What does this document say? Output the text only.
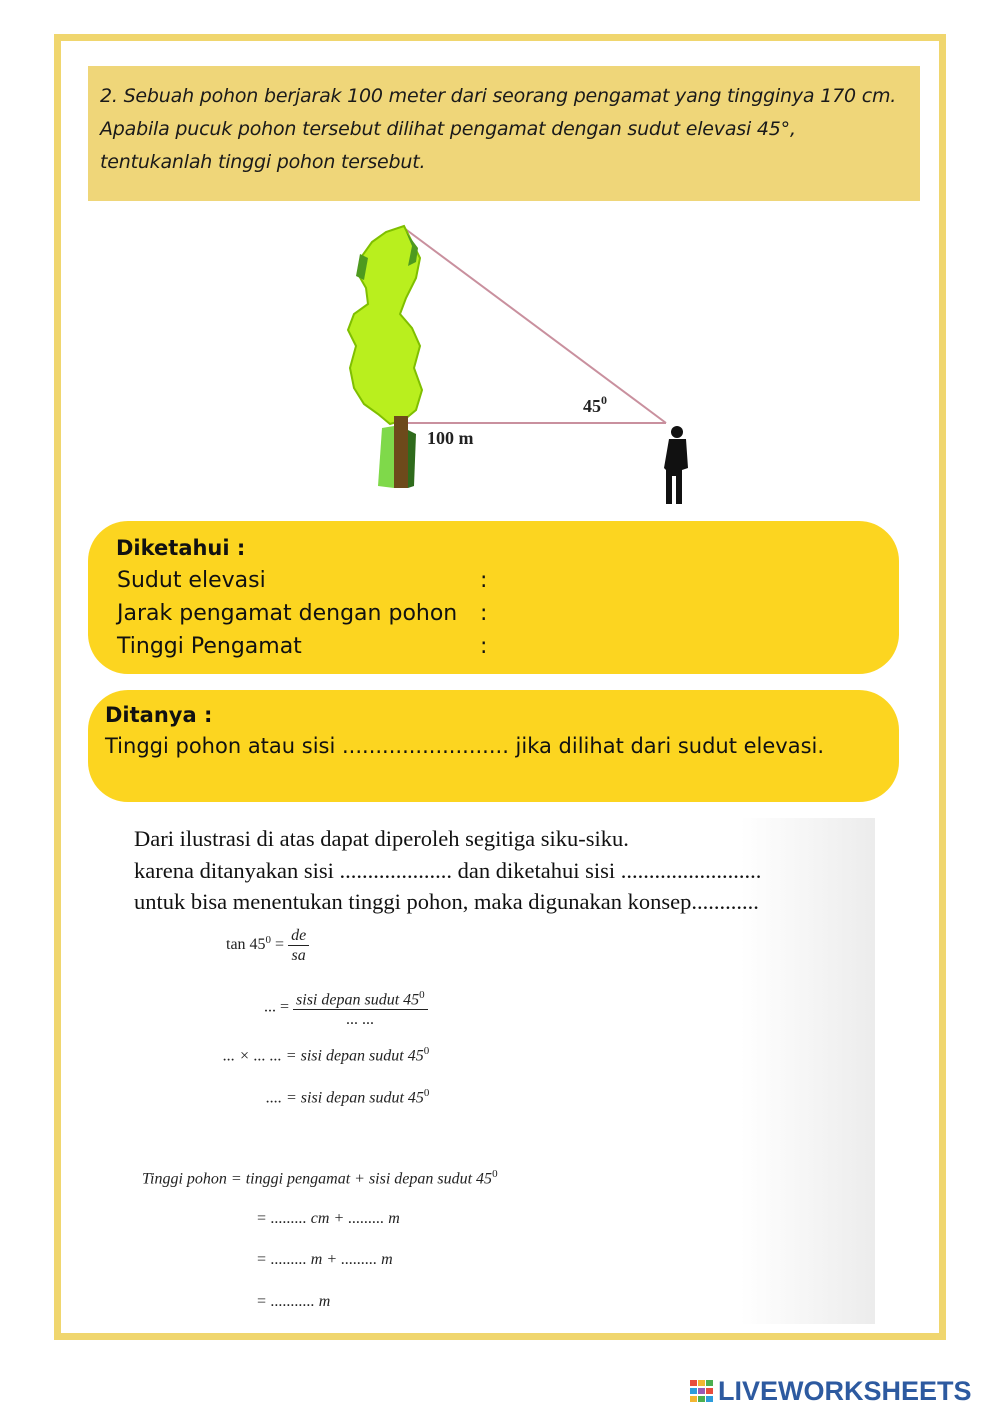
2. Sebuah pohon berjarak 100 meter dari seorang pengamat yang tingginya 170 cm.
Apabila pucuk pohon tersebut dilihat pengamat dengan sudut elevasi 45°,
tentukanlah tinggi pohon tersebut.
$45^0$
100 m
Diketahui :
Sudut elevasi	:
Jarak pengamat dengan pohon :
Tinggi Pengamat	:
Ditanya :
Tinggi pohon atau sisi ......................... jika dilihat dari sudut elevasi.
Dari ilustrasi di atas dapat diperoleh segitiga siku-siku.
karena ditanyakan sisi .................... dan diketahui sisi .........................
untuk bisa menentukan tinggi pohon, maka digunakan konsep............
$\tan 45^0 = \frac{de}{sa}$
... = $\frac{sisi depan sudut 45^0}{... ...}$
... × ... ... = sisi depan sudut $45^0$
.... = sisi depan sudut $45^0$
Tinggi pohon = tinggi pengamat + sisi depan sudut $45^0$
= ......... cm + ......... m
= ......... m + ......... m
= ........... m
LIVEWORKSHEETS
